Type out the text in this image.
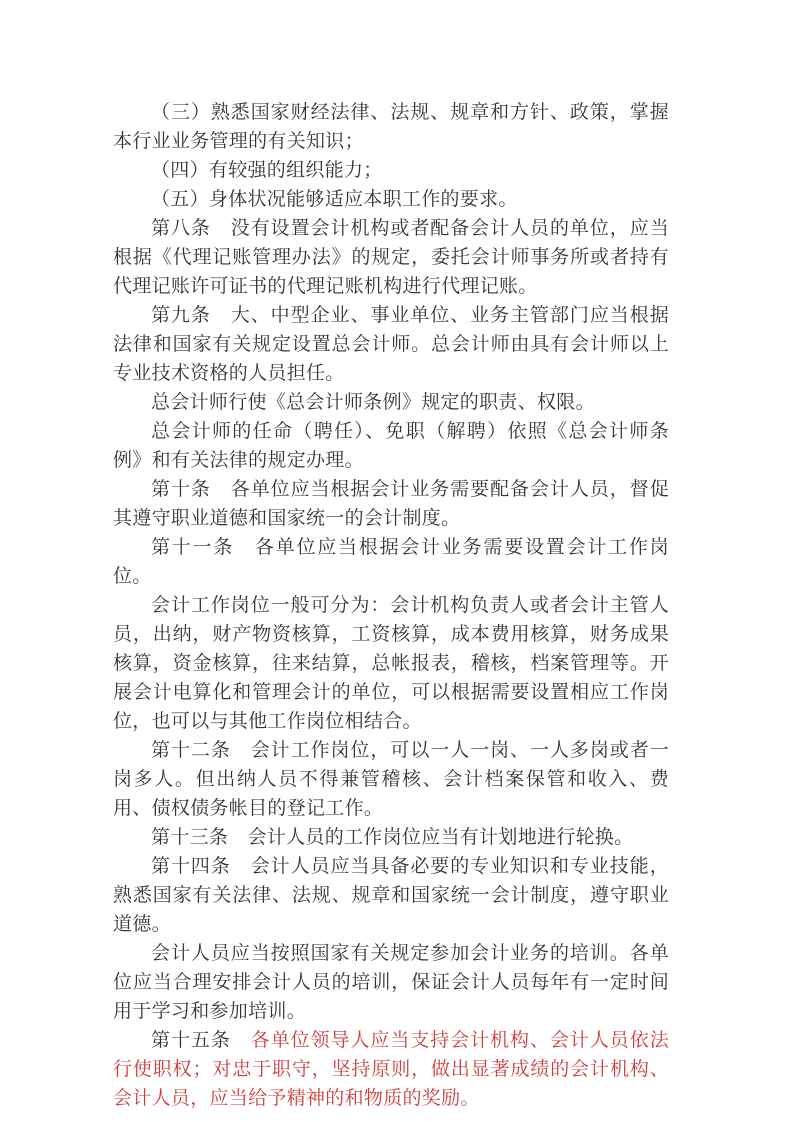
（三）熟悉国家财经法律、法规、规章和方针、政策，掌握本行业业务管理的有关知识；

（四）有较强的组织能力；

（五）身体状况能够适应本职工作的要求。

第八条　没有设置会计机构或者配备会计人员的单位，应当根据《代理记账管理办法》的规定，委托会计师事务所或者持有代理记账许可证书的代理记账机构进行代理记账。

第九条　大、中型企业、事业单位、业务主管部门应当根据法律和国家有关规定设置总会计师。总会计师由具有会计师以上专业技术资格的人员担任。

总会计师行使《总会计师条例》规定的职责、权限。

总会计师的任命（聘任）、免职（解聘）依照《总会计师条例》和有关法律的规定办理。

第十条　各单位应当根据会计业务需要配备会计人员，督促其遵守职业道德和国家统一的会计制度。

第十一条　各单位应当根据会计业务需要设置会计工作岗位。

会计工作岗位一般可分为：会计机构负责人或者会计主管人员，出纳，财产物资核算，工资核算，成本费用核算，财务成果核算，资金核算，往来结算，总帐报表，稽核，档案管理等。开展会计电算化和管理会计的单位，可以根据需要设置相应工作岗位，也可以与其他工作岗位相结合。

第十二条　会计工作岗位，可以一人一岗、一人多岗或者一岗多人。但出纳人员不得兼管稽核、会计档案保管和收入、费用、债权债务帐目的登记工作。

第十三条　会计人员的工作岗位应当有计划地进行轮换。

第十四条　会计人员应当具备必要的专业知识和专业技能，熟悉国家有关法律、法规、规章和国家统一会计制度，遵守职业道德。

会计人员应当按照国家有关规定参加会计业务的培训。各单位应当合理安排会计人员的培训，保证会计人员每年有一定时间用于学习和参加培训。

第十五条　各单位领导人应当支持会计机构、会计人员依法行使职权；对忠于职守，坚持原则，做出显著成绩的会计机构、会计人员，应当给予精神的和物质的奖励。
